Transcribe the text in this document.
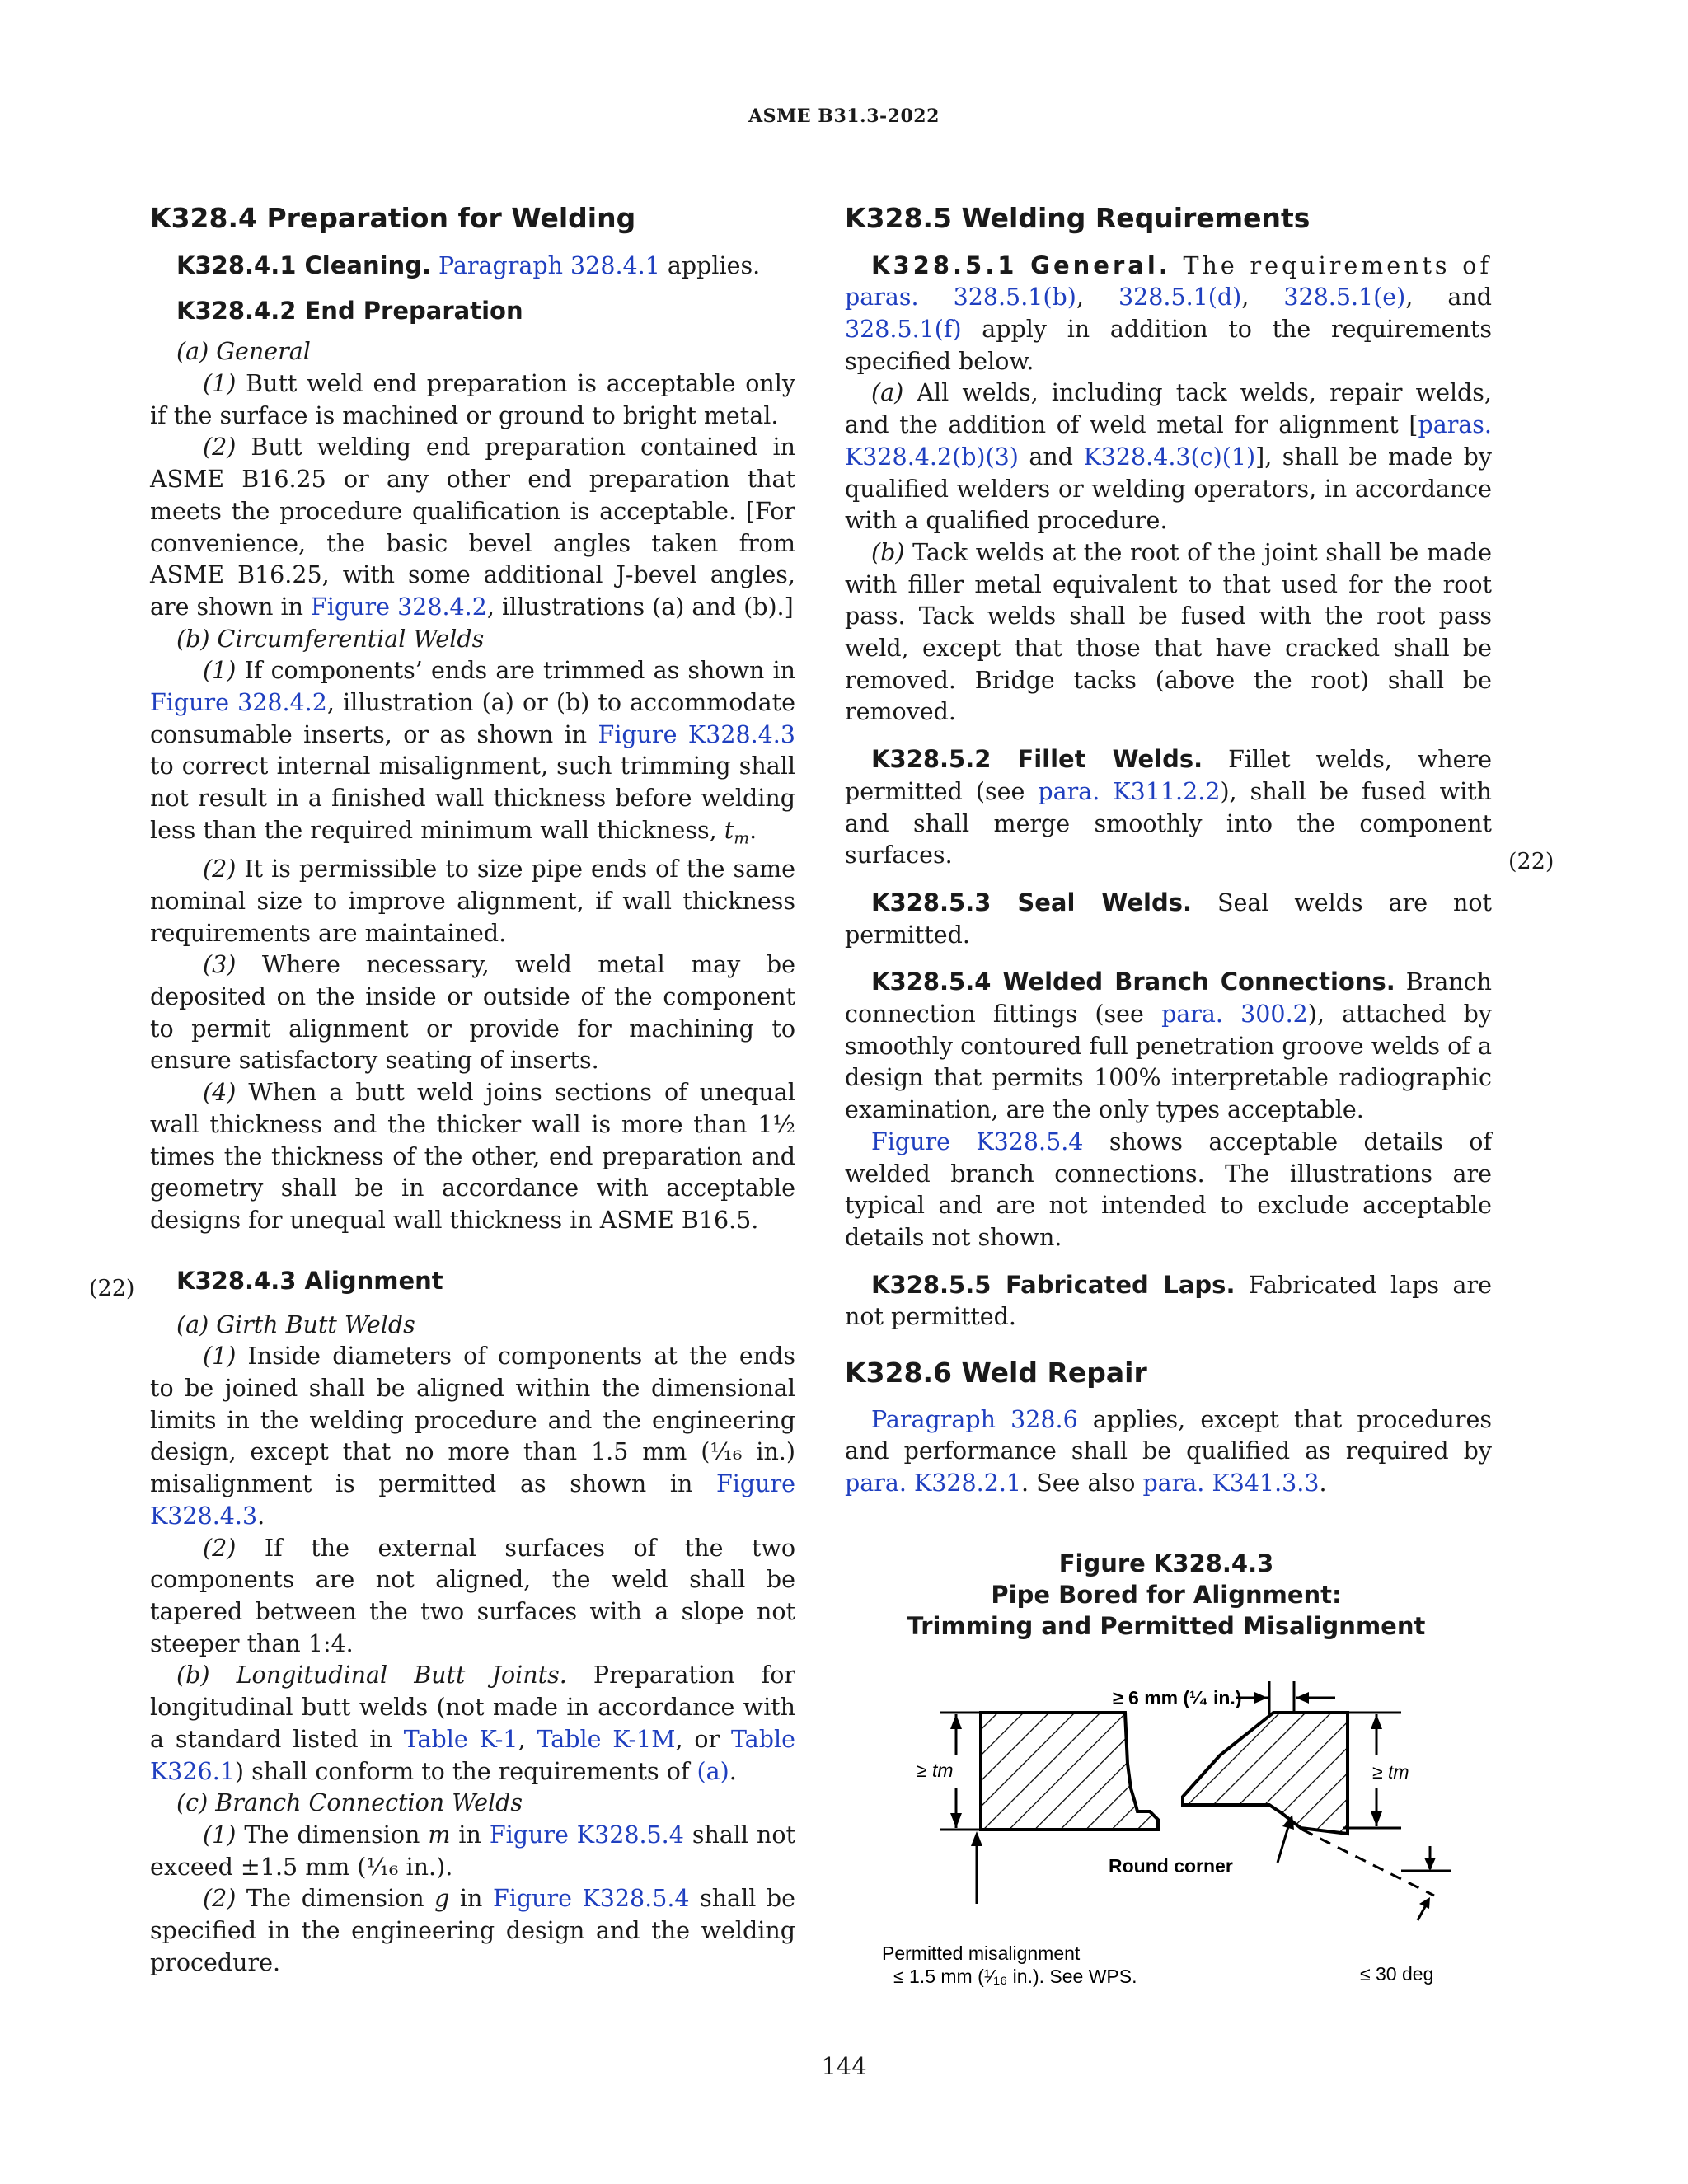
ASME B31.3-2022
K328.4 Preparation for Welding

K328.4.1 Cleaning. Paragraph 328.4.1 applies.

K328.4.2 End Preparation

(a) General

(1) Butt weld end preparation is acceptable only if the surface is machined or ground to bright metal.

(2) Butt welding end preparation contained in ASME B16.25 or any other end preparation that meets the procedure qualification is acceptable. [For convenience, the basic bevel angles taken from ASME B16.25, with some additional J-bevel angles, are shown in Figure 328.4.2, illustrations (a) and (b).]

(b) Circumferential Welds

(1) If components’ ends are trimmed as shown in Figure 328.4.2, illustration (a) or (b) to accommodate consumable inserts, or as shown in Figure K328.4.3 to correct internal misalignment, such trimming shall not result in a finished wall thickness before welding less than the required minimum wall thickness, $t_m$.

(2) It is permissible to size pipe ends of the same nominal size to improve alignment, if wall thickness requirements are maintained.

(3) Where necessary, weld metal may be deposited on the inside or outside of the component to permit alignment or provide for machining to ensure satisfactory seating of inserts.

(4) When a butt weld joins sections of unequal wall thickness and the thicker wall is more than 1½ times the thickness of the other, end preparation and geometry shall be in accordance with acceptable designs for unequal wall thickness in ASME B16.5.

K328.4.3 Alignment

(a) Girth Butt Welds

(1) Inside diameters of components at the ends to be joined shall be aligned within the dimensional limits in the welding procedure and the engineering design, except that no more than 1.5 mm (¹⁄₁₆ in.) misalignment is permitted as shown in Figure K328.4.3.

(2) If the external surfaces of the two components are not aligned, the weld shall be tapered between the two surfaces with a slope not steeper than 1:4.

(b) Longitudinal Butt Joints. Preparation for longitudinal butt welds (not made in accordance with a standard listed in Table K-1, Table K-1M, or Table K326.1) shall conform to the requirements of (a).

(c) Branch Connection Welds

(1) The dimension m in Figure K328.5.4 shall not exceed ±1.5 mm (¹⁄₁₆ in.).

(2) The dimension g in Figure K328.5.4 shall be specified in the engineering design and the welding procedure.

(22)
K328.5 Welding Requirements

K328.5.1 General. The requirements of paras. 328.5.1(b), 328.5.1(d), 328.5.1(e), and 328.5.1(f) apply in addition to the requirements specified below.

(a) All welds, including tack welds, repair welds, and the addition of weld metal for alignment [paras. K328.4.2(b)(3) and K328.4.3(c)(1)], shall be made by qualified welders or welding operators, in accordance with a qualified procedure.

(b) Tack welds at the root of the joint shall be made with filler metal equivalent to that used for the root pass. Tack welds shall be fused with the root pass weld, except that those that have cracked shall be removed. Bridge tacks (above the root) shall be removed.

K328.5.2 Fillet Welds. Fillet welds, where permitted (see para. K311.2.2), shall be fused with and shall merge smoothly into the component surfaces.

K328.5.3 Seal Welds. Seal welds are not permitted.

K328.5.4 Welded Branch Connections. Branch connection fittings (see para. 300.2), attached by smoothly contoured full penetration groove welds of a design that permits 100% interpretable radiographic examination, are the only types acceptable.

Figure K328.5.4 shows acceptable details of welded branch connections. The illustrations are typical and are not intended to exclude acceptable details not shown.

K328.5.5 Fabricated Laps. Fabricated laps are not permitted.

K328.6 Weld Repair

Paragraph 328.6 applies, except that procedures and performance shall be qualified as required by para. K328.2.1. See also para. K341.3.3.

(22)
Figure K328.4.3
Pipe Bored for Alignment:
Trimming and Permitted Misalignment
≥ 6 mm (¹⁄₄ in.)
≥ tm	≥ tm
Round corner
Permitted misalignment
≤ 1.5 mm (¹⁄₁₆ in.). See WPS.	≤ 30 deg
144
